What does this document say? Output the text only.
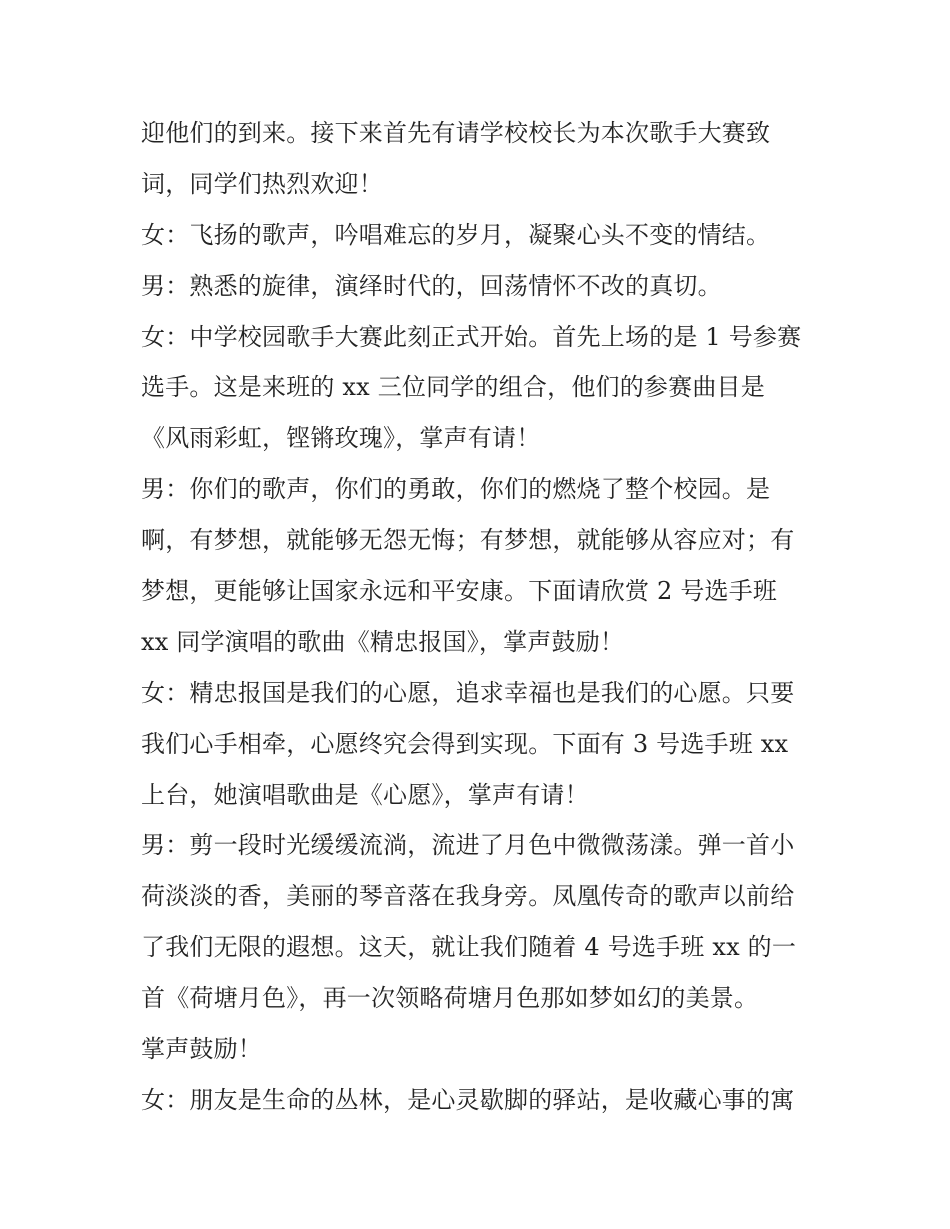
迎他们的到来。接下来首先有请学校校长为本次歌手大赛致
词，同学们热烈欢迎！
女：飞扬的歌声，吟唱难忘的岁月，凝聚心头不变的情结。
男：熟悉的旋律，演绎时代的，回荡情怀不改的真切。
女：中学校园歌手大赛此刻正式开始。首先上场的是 1 号参赛
选手。这是来班的 xx 三位同学的组合，他们的参赛曲目是
《风雨彩虹，铿锵玫瑰》，掌声有请！
男：你们的歌声，你们的勇敢，你们的燃烧了整个校园。是
啊，有梦想，就能够无怨无悔；有梦想，就能够从容应对；有
梦想，更能够让国家永远和平安康。下面请欣赏 2 号选手班
xx 同学演唱的歌曲《精忠报国》，掌声鼓励！
女：精忠报国是我们的心愿，追求幸福也是我们的心愿。只要
我们心手相牵，心愿终究会得到实现。下面有 3 号选手班 xx
上台，她演唱歌曲是《心愿》，掌声有请！
男：剪一段时光缓缓流淌，流进了月色中微微荡漾。弹一首小
荷淡淡的香，美丽的琴音落在我身旁。凤凰传奇的歌声以前给
了我们无限的遐想。这天，就让我们随着 4 号选手班 xx 的一
首《荷塘月色》，再一次领略荷塘月色那如梦如幻的美景。
掌声鼓励！
女：朋友是生命的丛林，是心灵歇脚的驿站，是收藏心事的寓
